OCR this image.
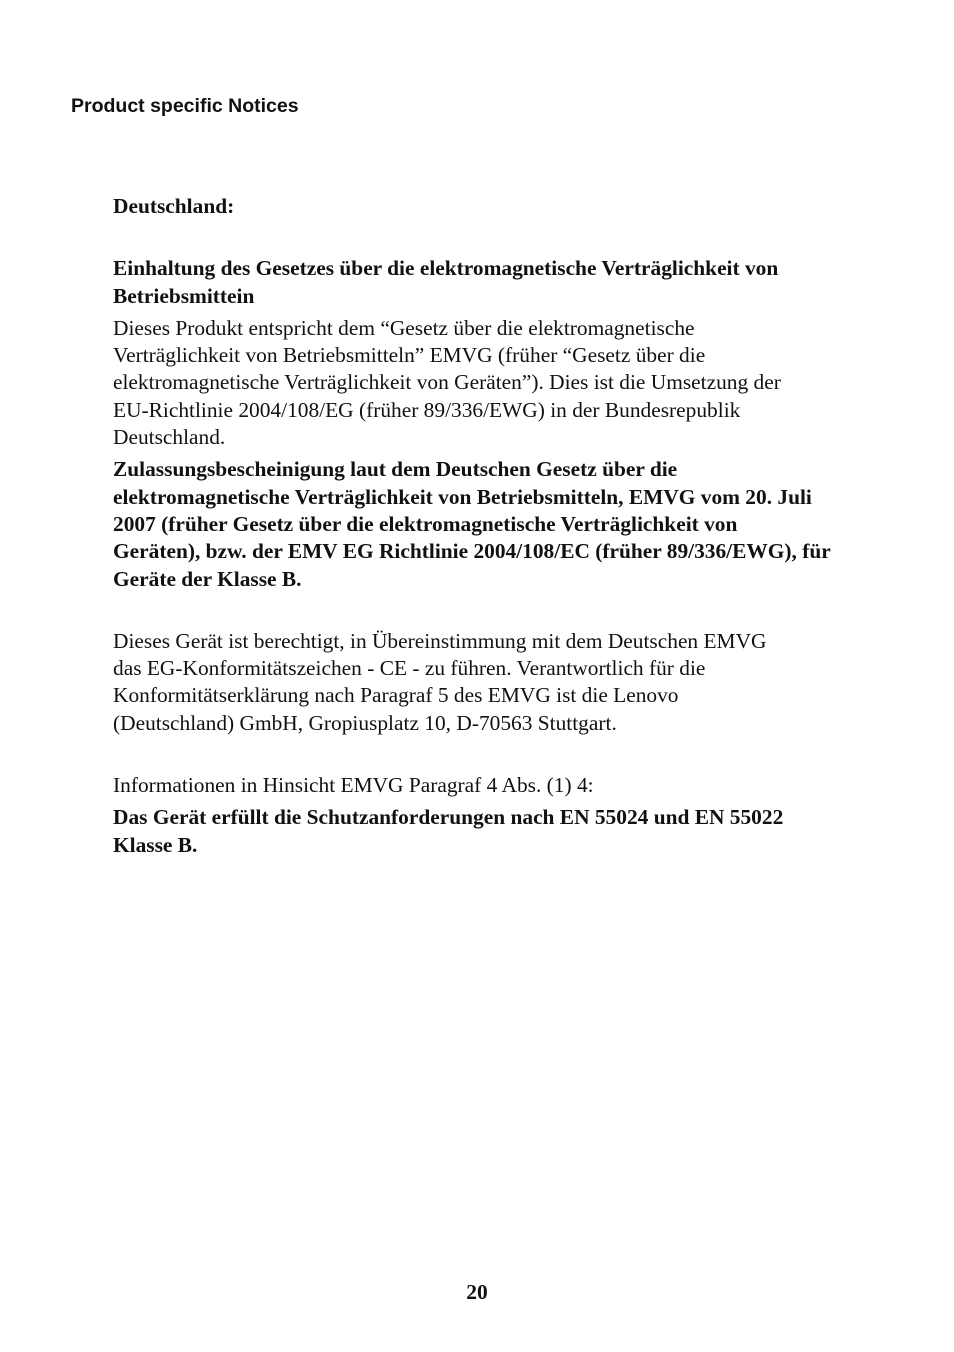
Product specific Notices

Deutschland:

Einhaltung des Gesetzes über die elektromagnetische Verträglichkeit von

Betriebsmittein

Dieses Produkt entspricht dem “Gesetz über die elektromagnetische

Verträglichkeit von Betriebsmitteln” EMVG (früher “Gesetz über die

elektromagnetische Verträglichkeit von Geräten”). Dies ist die Umsetzung der

EU-Richtlinie 2004/108/EG (früher 89/336/EWG) in der Bundesrepublik

Deutschland.

Zulassungsbescheinigung laut dem Deutschen Gesetz über die

elektromagnetische Verträglichkeit von Betriebsmitteln, EMVG vom 20. Juli

2007 (früher Gesetz über die elektromagnetische Verträglichkeit von

Geräten), bzw. der EMV EG Richtlinie 2004/108/EC (früher 89/336/EWG), für

Geräte der Klasse B.

Dieses Gerät ist berechtigt, in Übereinstimmung mit dem Deutschen EMVG

das EG-Konformitätszeichen - CE - zu führen. Verantwortlich für die

Konformitätserklärung nach Paragraf 5 des EMVG ist die Lenovo

(Deutschland) GmbH, Gropiusplatz 10, D-70563 Stuttgart.

Informationen in Hinsicht EMVG Paragraf 4 Abs. (1) 4:

Das Gerät erfüllt die Schutzanforderungen nach EN 55024 und EN 55022

Klasse B.

20
